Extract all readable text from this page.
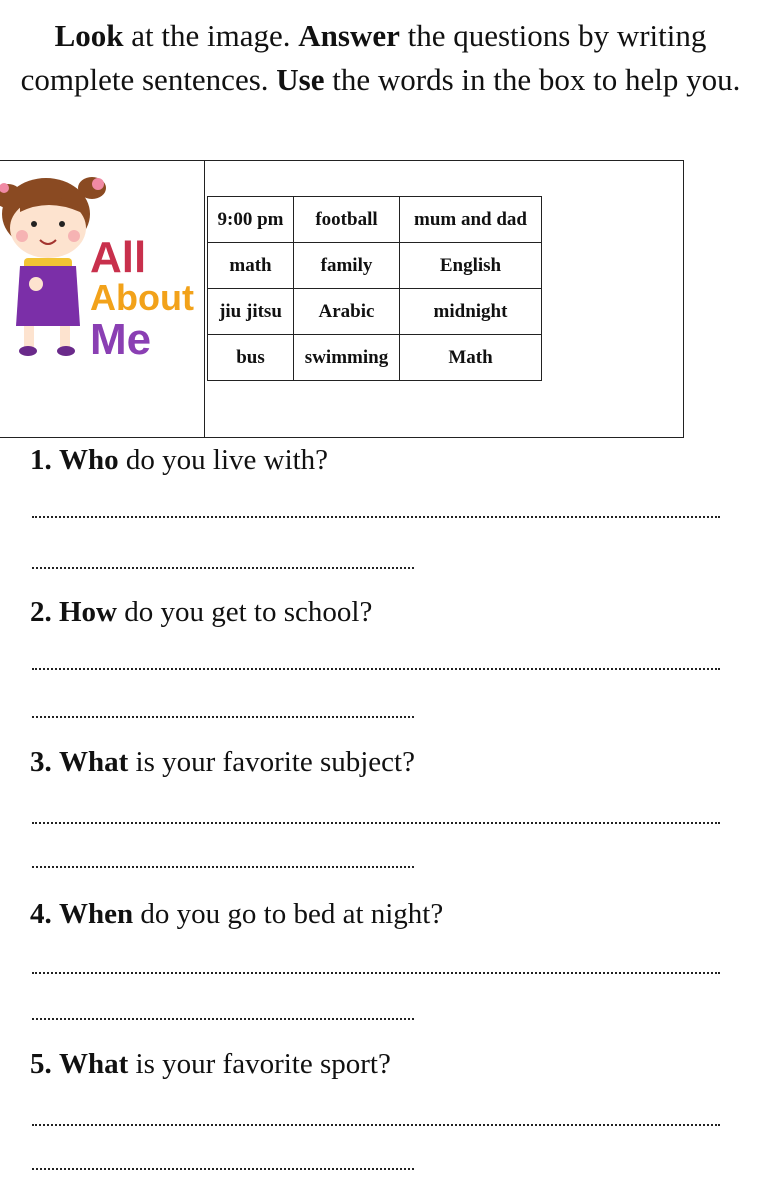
Look at the image. Answer the questions by writing complete sentences. Use the words in the box to help you.
All
About
Me
9:00 pm	football	mum and dad
math	family	English
jiu jitsu	Arabic	midnight
bus	swimming	Math
1. Who do you live with?
2. How do you get to school?
3. What is your favorite subject?
4. When do you go to bed at night?
5. What is your favorite sport?
